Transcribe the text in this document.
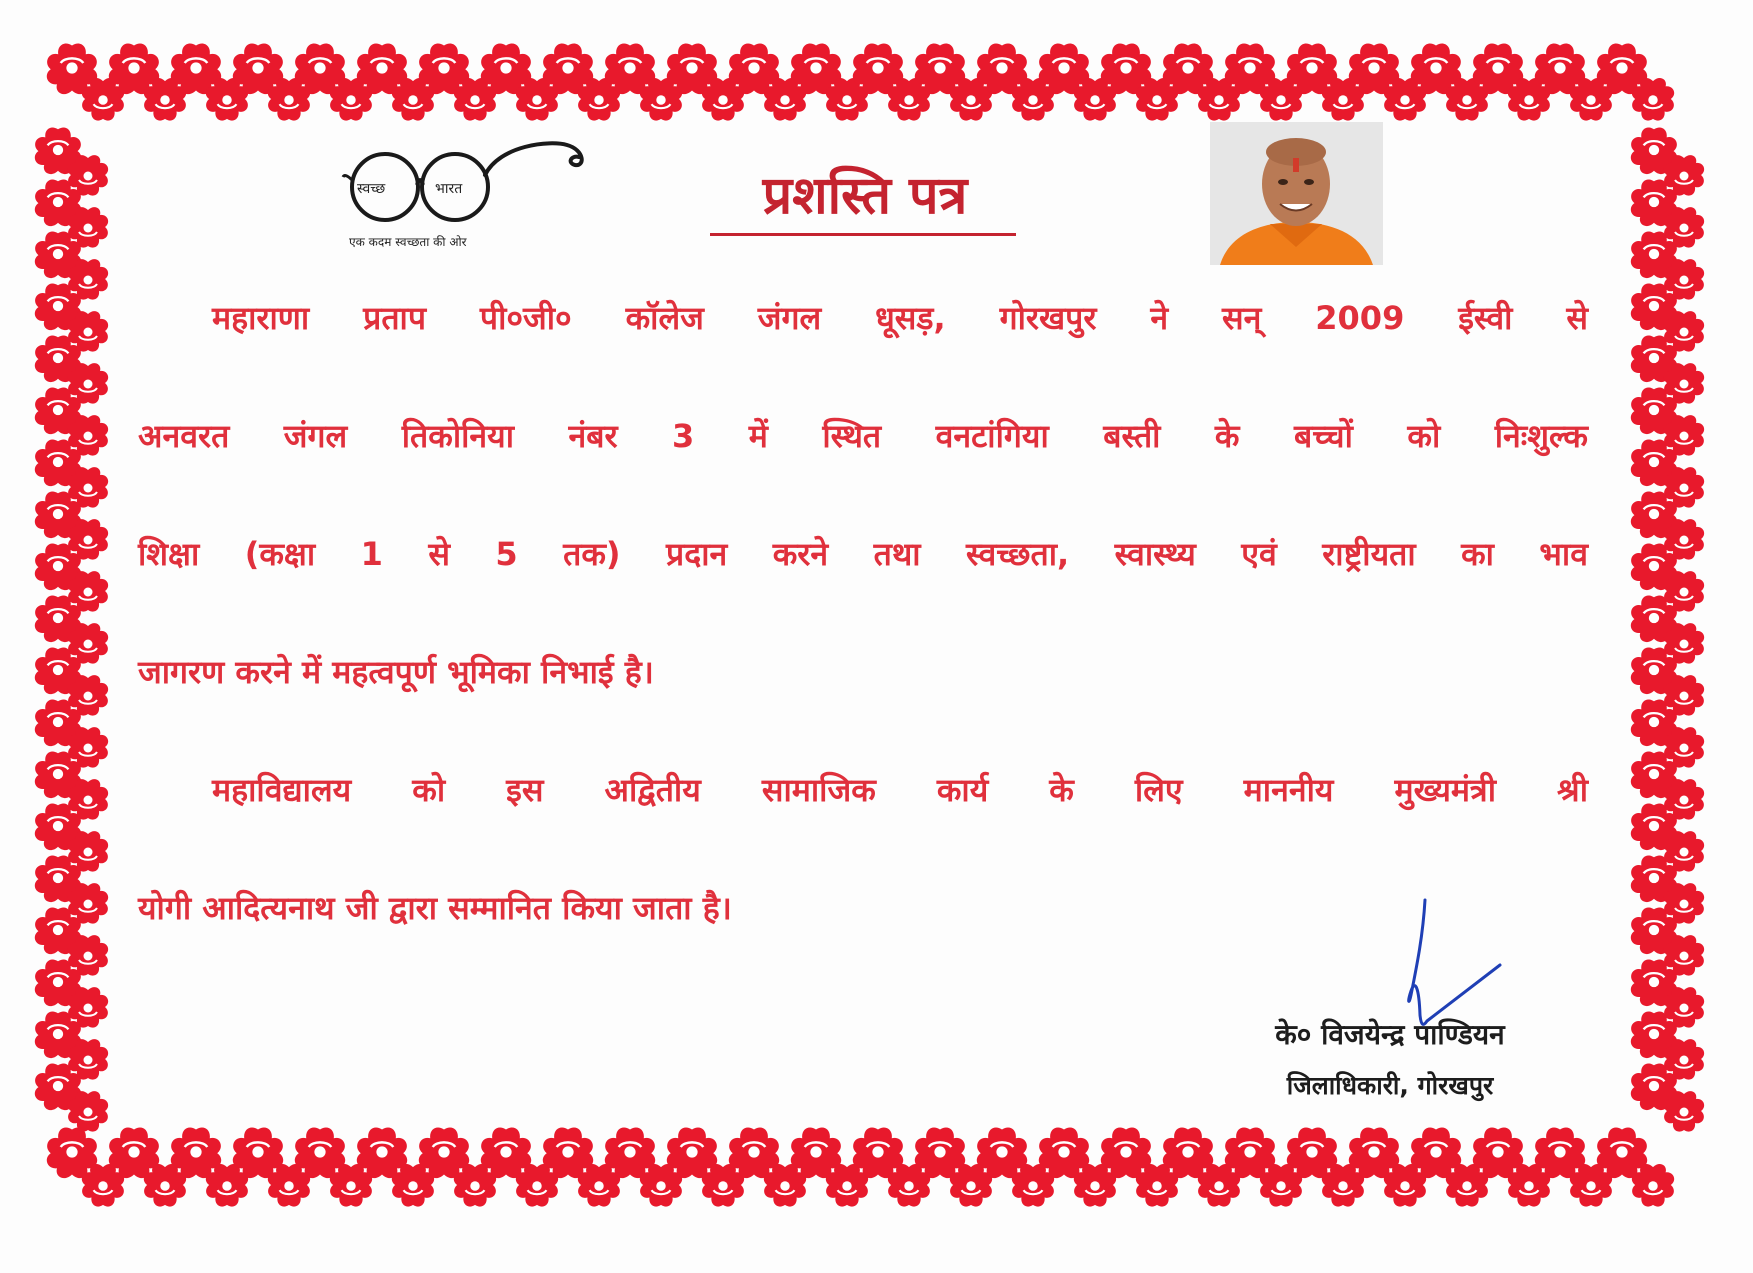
स्वच्छ	भारत
एक कदम स्वच्छता की ओर
प्रशस्ति पत्र
महाराणा प्रताप पी०जी० कॉलेज जंगल धूसड़, गोरखपुर ने सन् 2009 ईस्वी से
अनवरत जंगल तिकोनिया नंबर 3 में स्थित वनटांगिया बस्ती के बच्चों को निःशुल्क
शिक्षा (कक्षा 1 से 5 तक) प्रदान करने तथा स्वच्छता, स्वास्थ्य एवं राष्ट्रीयता का भाव
जागरण करने में महत्वपूर्ण भूमिका निभाई है।
महाविद्यालय को इस अद्वितीय सामाजिक कार्य के लिए माननीय मुख्यमंत्री श्री
योगी आदित्यनाथ जी द्वारा सम्मानित किया जाता है।
के० विजयेन्द्र पाण्डियन
जिलाधिकारी, गोरखपुर
